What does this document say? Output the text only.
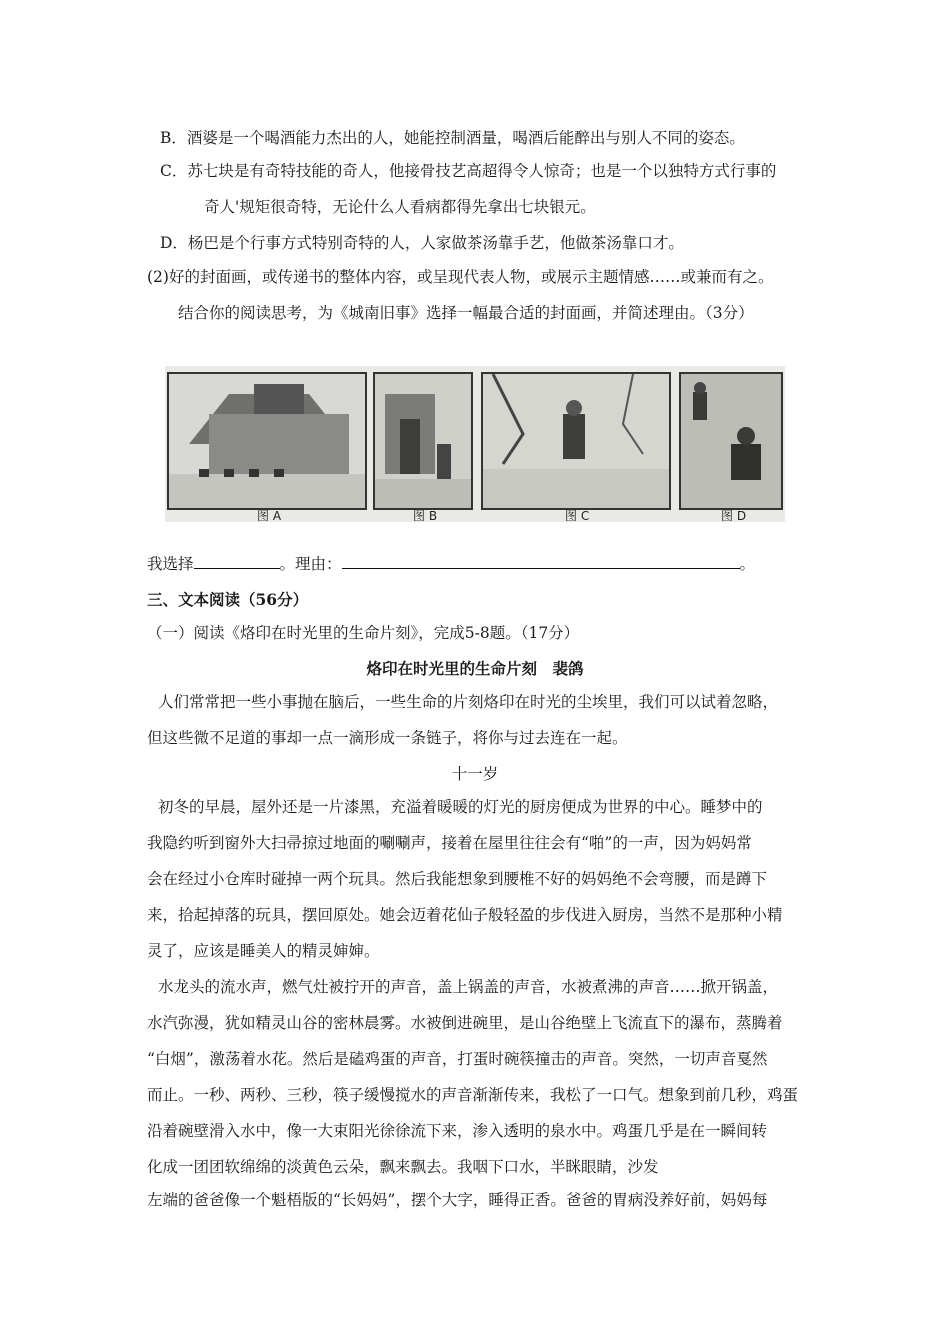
B．酒婆是一个喝酒能力杰出的人，她能控制酒量，喝酒后能醉出与别人不同的姿态。
C．苏七块是有奇特技能的奇人，他接骨技艺高超得令人惊奇；也是一个以独特方式行事的
奇人'规矩很奇特，无论什么人看病都得先拿出七块银元。
D．杨巴是个行事方式特别奇特的人，人家做茶汤靠手艺，他做茶汤靠口才。
(2)好的封面画，或传递书的整体内容，或呈现代表人物，或展示主题情感……或兼而有之。
结合你的阅读思考，为《城南旧事》选择一幅最合适的封面画，并简述理由。（3分）
图 A	图 B	图 C	图 D
我选择	。理由：	。
三、文本阅读（56分）
（一）阅读《烙印在时光里的生命片刻》，完成5-8题。（17分）
烙印在时光里的生命片刻　裴鸽
人们常常把一些小事抛在脑后，一些生命的片刻烙印在时光的尘埃里，我们可以试着忽略，
但这些微不足道的事却一点一滴形成一条链子，将你与过去连在一起。
十一岁
初冬的早晨，屋外还是一片漆黑，充溢着暖暖的灯光的厨房便成为世界的中心。睡梦中的
我隐约听到窗外大扫帚掠过地面的唰唰声，接着在屋里往往会有“啪”的一声，因为妈妈常
会在经过小仓库时碰掉一两个玩具。然后我能想象到腰椎不好的妈妈绝不会弯腰，而是蹲下
来，拾起掉落的玩具，摆回原处。她会迈着花仙子般轻盈的步伐进入厨房，当然不是那种小精
灵了，应该是睡美人的精灵婶婶。
水龙头的流水声，燃气灶被拧开的声音，盖上锅盖的声音，水被煮沸的声音……掀开锅盖，
水汽弥漫，犹如精灵山谷的密林晨雾。水被倒进碗里，是山谷绝壁上飞流直下的瀑布，蒸腾着
“白烟”，激荡着水花。然后是磕鸡蛋的声音，打蛋时碗筷撞击的声音。突然，一切声音戛然
而止。一秒、两秒、三秒，筷子缓慢搅水的声音渐渐传来，我松了一口气。想象到前几秒，鸡蛋
沿着碗壁滑入水中，像一大束阳光徐徐流下来，渗入透明的泉水中。鸡蛋几乎是在一瞬间转
化成一团团软绵绵的淡黄色云朵，飘来飘去。我咽下口水，半眯眼睛，沙发
左端的爸爸像一个魁梧版的“长妈妈”，摆个大字，睡得正香。爸爸的胃病没养好前，妈妈每
